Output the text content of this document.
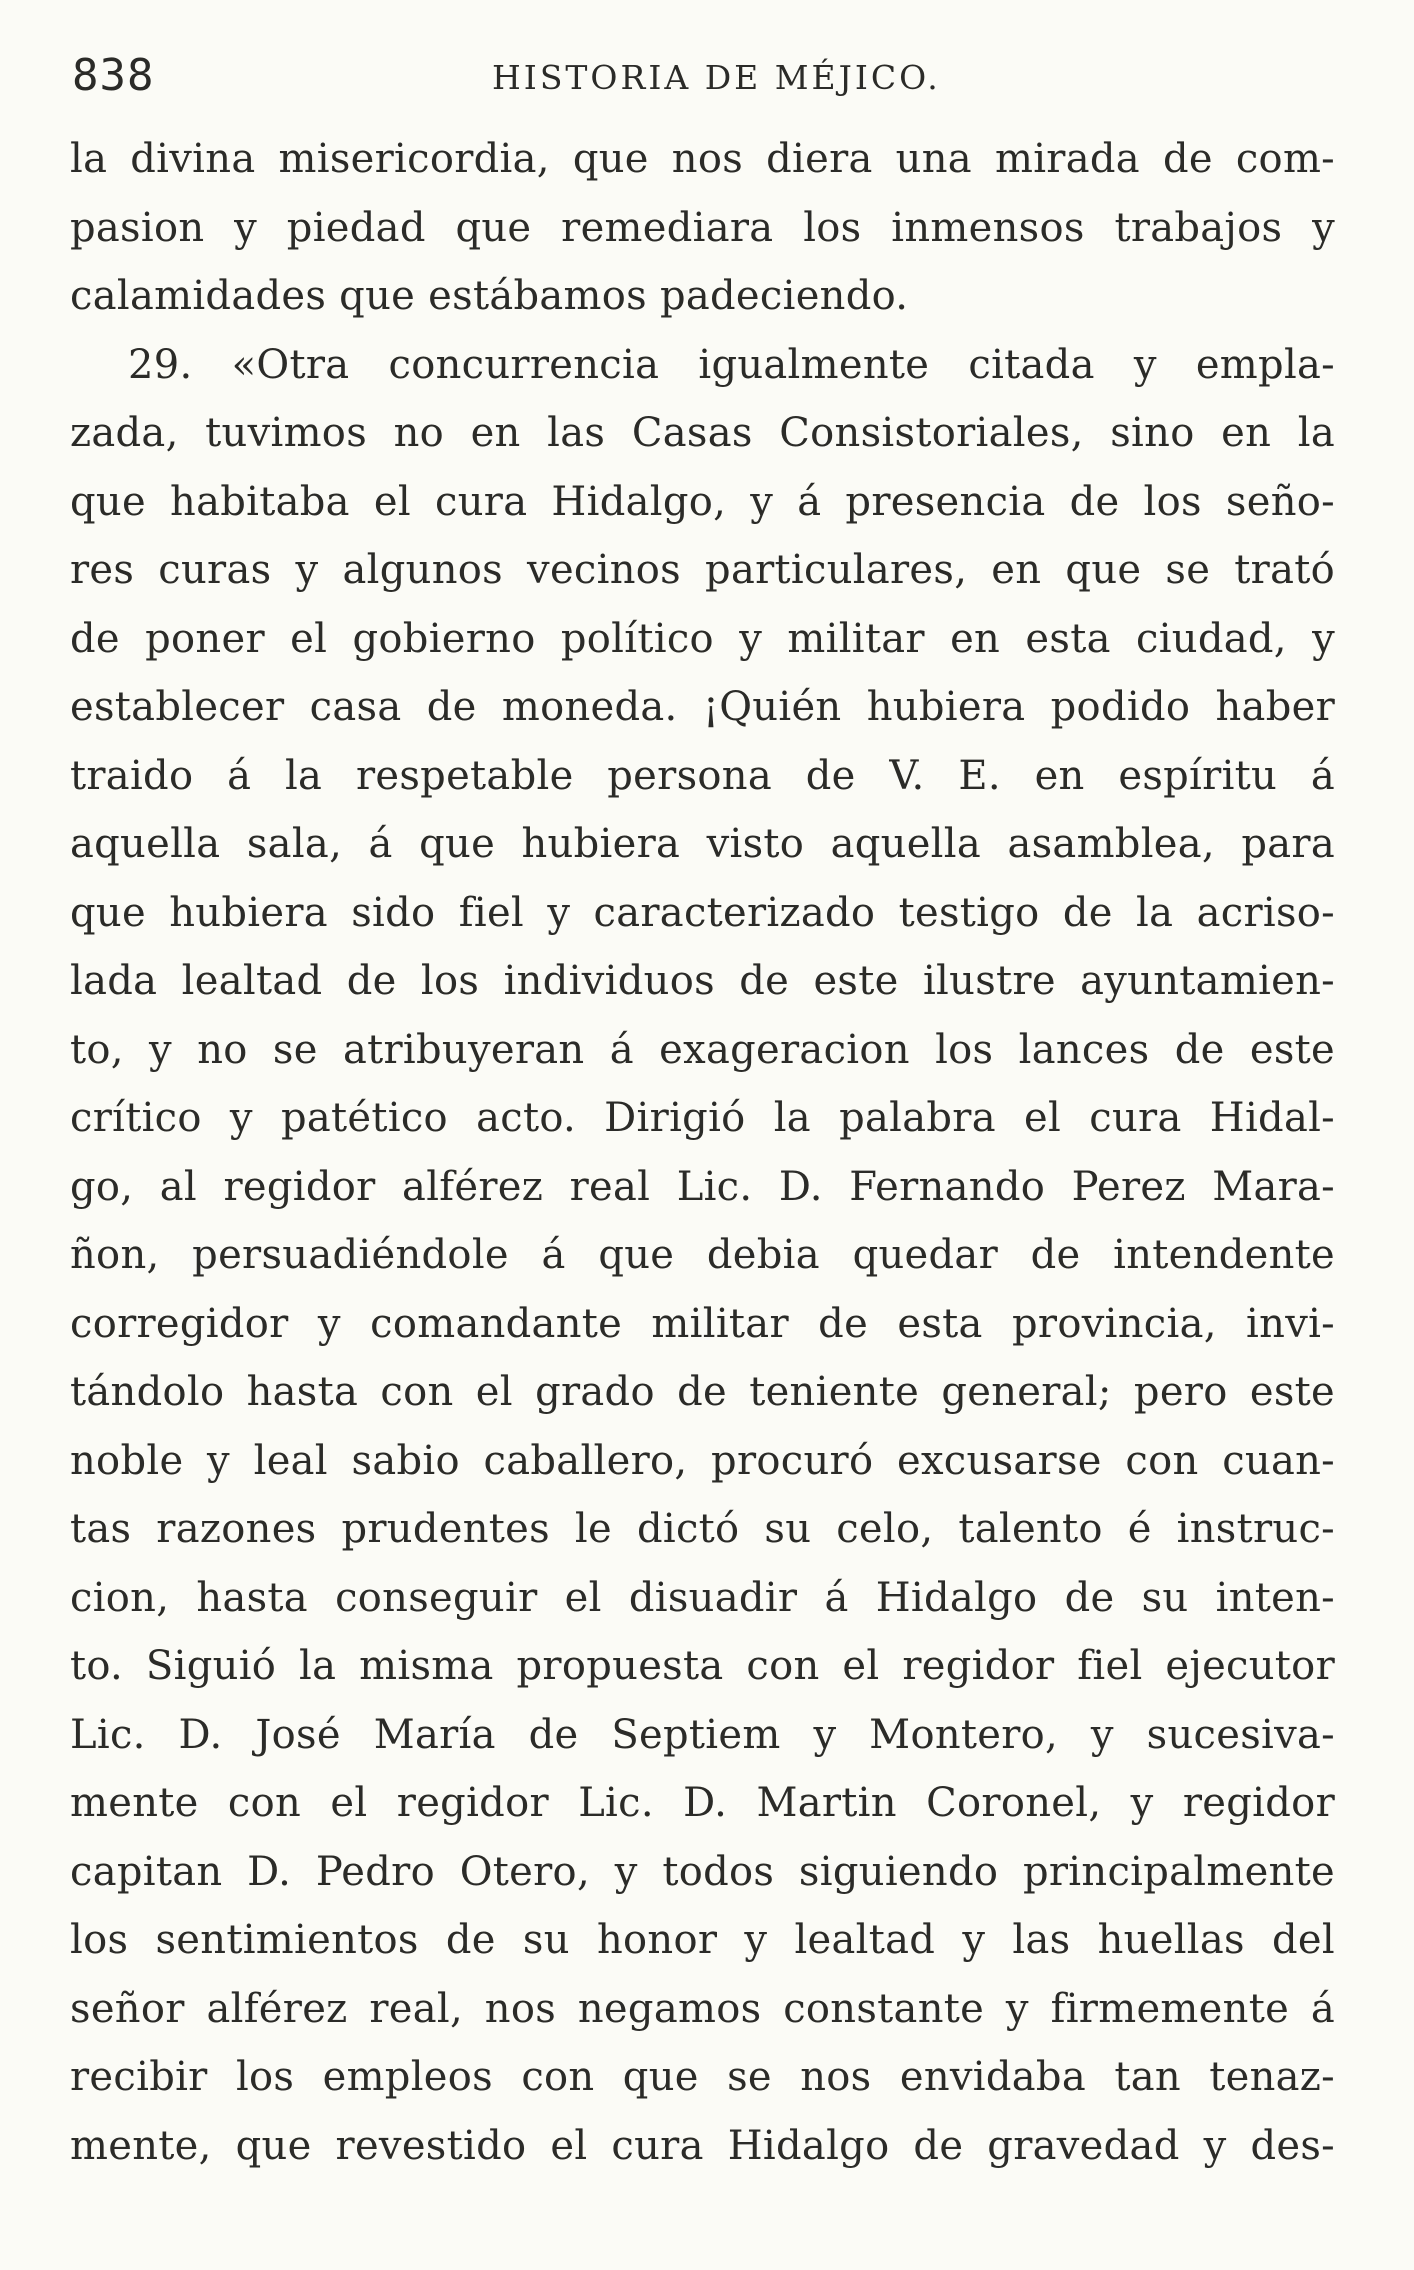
838	HISTORIA DE MÉJICO.
la divina misericordia, que nos diera una mirada de com-
pasion y piedad que remediara los inmensos trabajos y
calamidades que estábamos padeciendo.
29. «Otra concurrencia igualmente citada y empla-
zada, tuvimos no en las Casas Consistoriales, sino en la
que habitaba el cura Hidalgo, y á presencia de los seño-
res curas y algunos vecinos particulares, en que se trató
de poner el gobierno político y militar en esta ciudad, y
establecer casa de moneda. ¡Quién hubiera podido haber
traido á la respetable persona de V. E. en espíritu á
aquella sala, á que hubiera visto aquella asamblea, para
que hubiera sido fiel y caracterizado testigo de la acriso-
lada lealtad de los individuos de este ilustre ayuntamien-
to, y no se atribuyeran á exageracion los lances de este
crítico y patético acto. Dirigió la palabra el cura Hidal-
go, al regidor alférez real Lic. D. Fernando Perez Mara-
ñon, persuadiéndole á que debia quedar de intendente
corregidor y comandante militar de esta provincia, invi-
tándolo hasta con el grado de teniente general; pero este
noble y leal sabio caballero, procuró excusarse con cuan-
tas razones prudentes le dictó su celo, talento é instruc-
cion, hasta conseguir el disuadir á Hidalgo de su inten-
to. Siguió la misma propuesta con el regidor fiel ejecutor
Lic. D. José María de Septiem y Montero, y sucesiva-
mente con el regidor Lic. D. Martin Coronel, y regidor
capitan D. Pedro Otero, y todos siguiendo principalmente
los sentimientos de su honor y lealtad y las huellas del
señor alférez real, nos negamos constante y firmemente á
recibir los empleos con que se nos envidaba tan tenaz-
mente, que revestido el cura Hidalgo de gravedad y des-
